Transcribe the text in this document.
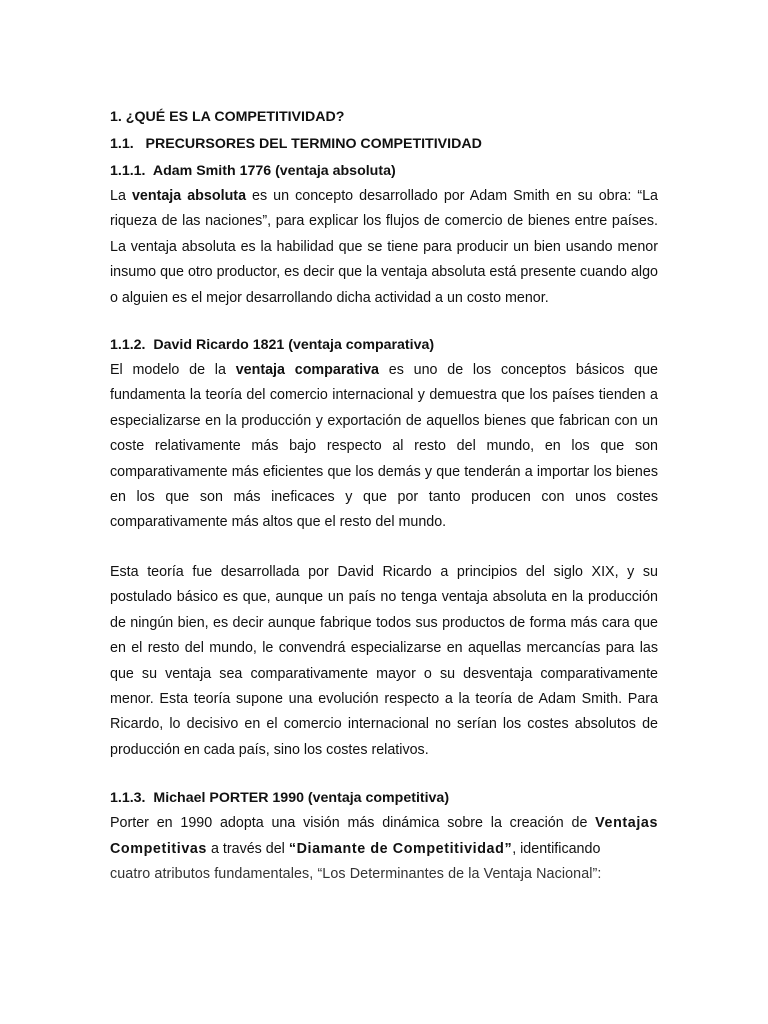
1. ¿QUÉ ES LA COMPETITIVIDAD?
1.1.   PRECURSORES DEL TERMINO COMPETITIVIDAD
1.1.1.  Adam Smith 1776 (ventaja absoluta)

La ventaja absoluta es un concepto desarrollado por Adam Smith en su obra: “La riqueza de las naciones”, para explicar los flujos de comercio de bienes entre países. La ventaja absoluta es la habilidad que se tiene para producir un bien usando menor insumo que otro productor, es decir que la ventaja absoluta está presente cuando algo o alguien es el mejor desarrollando dicha actividad a un costo menor.

1.1.2.  David Ricardo 1821 (ventaja comparativa)

El modelo de la ventaja comparativa es uno de los conceptos básicos que fundamenta la teoría del comercio internacional y demuestra que los países tienden a especializarse en la producción y exportación de aquellos bienes que fabrican con un coste relativamente más bajo respecto al resto del mundo, en los que son comparativamente más eficientes que los demás y que tenderán a importar los bienes en los que son más ineficaces y que por tanto producen con unos costes comparativamente más altos que el resto del mundo.

Esta teoría fue desarrollada por David Ricardo a principios del siglo XIX, y su postulado básico es que, aunque un país no tenga ventaja absoluta en la producción de ningún bien, es decir aunque fabrique todos sus productos de forma más cara que en el resto del mundo, le convendrá especializarse en aquellas mercancías para las que su ventaja sea comparativamente mayor o su desventaja comparativamente menor. Esta teoría supone una evolución respecto a la teoría de Adam Smith. Para Ricardo, lo decisivo en el comercio internacional no serían los costes absolutos de producción en cada país, sino los costes relativos.

1.1.3.  Michael PORTER 1990 (ventaja competitiva)

Porter en 1990 adopta una visión más dinámica sobre la creación de Ventajas Competitivas a través del “Diamante de Competitividad”, identificando
cuatro atributos fundamentales, “Los Determinantes de la Ventaja Nacional”:
